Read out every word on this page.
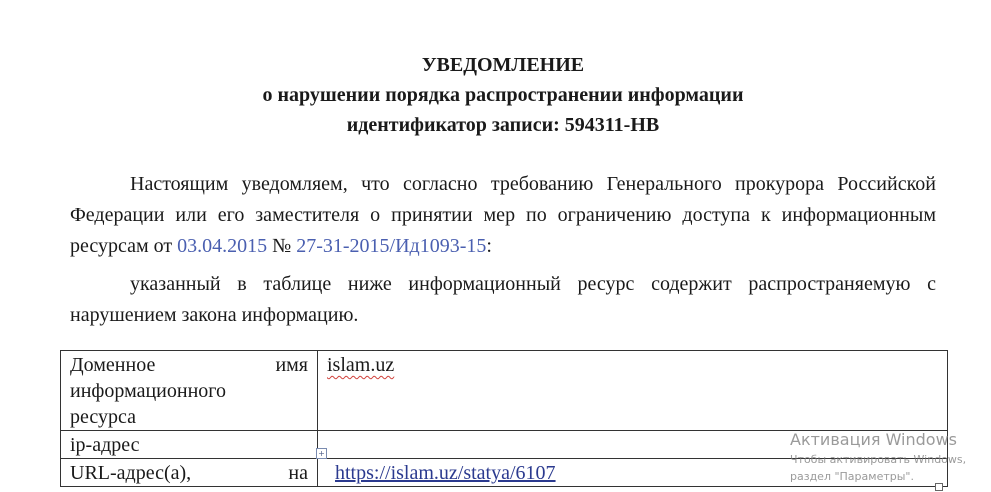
УВЕДОМЛЕНИЕ
о нарушении порядка распространении информации
идентификатор записи: 594311-НВ
Настоящим уведомляем, что согласно требованию Генерального прокурора Российской Федерации или его заместителя о принятии мер по ограничению доступа к информационным ресурсам от 03.04.2015 № 27-31-2015/Ид1093-15:
указанный в таблице ниже информационный ресурс содержит распространяемую с нарушением закона информацию.
Доменное имя
информационного
ресурса	islam.uz
ip-адрес	

URL-адрес(а), на	https://islam.uz/statya/6107
+
Активация Windows
Чтобы активировать Windows,
раздел "Параметры".
